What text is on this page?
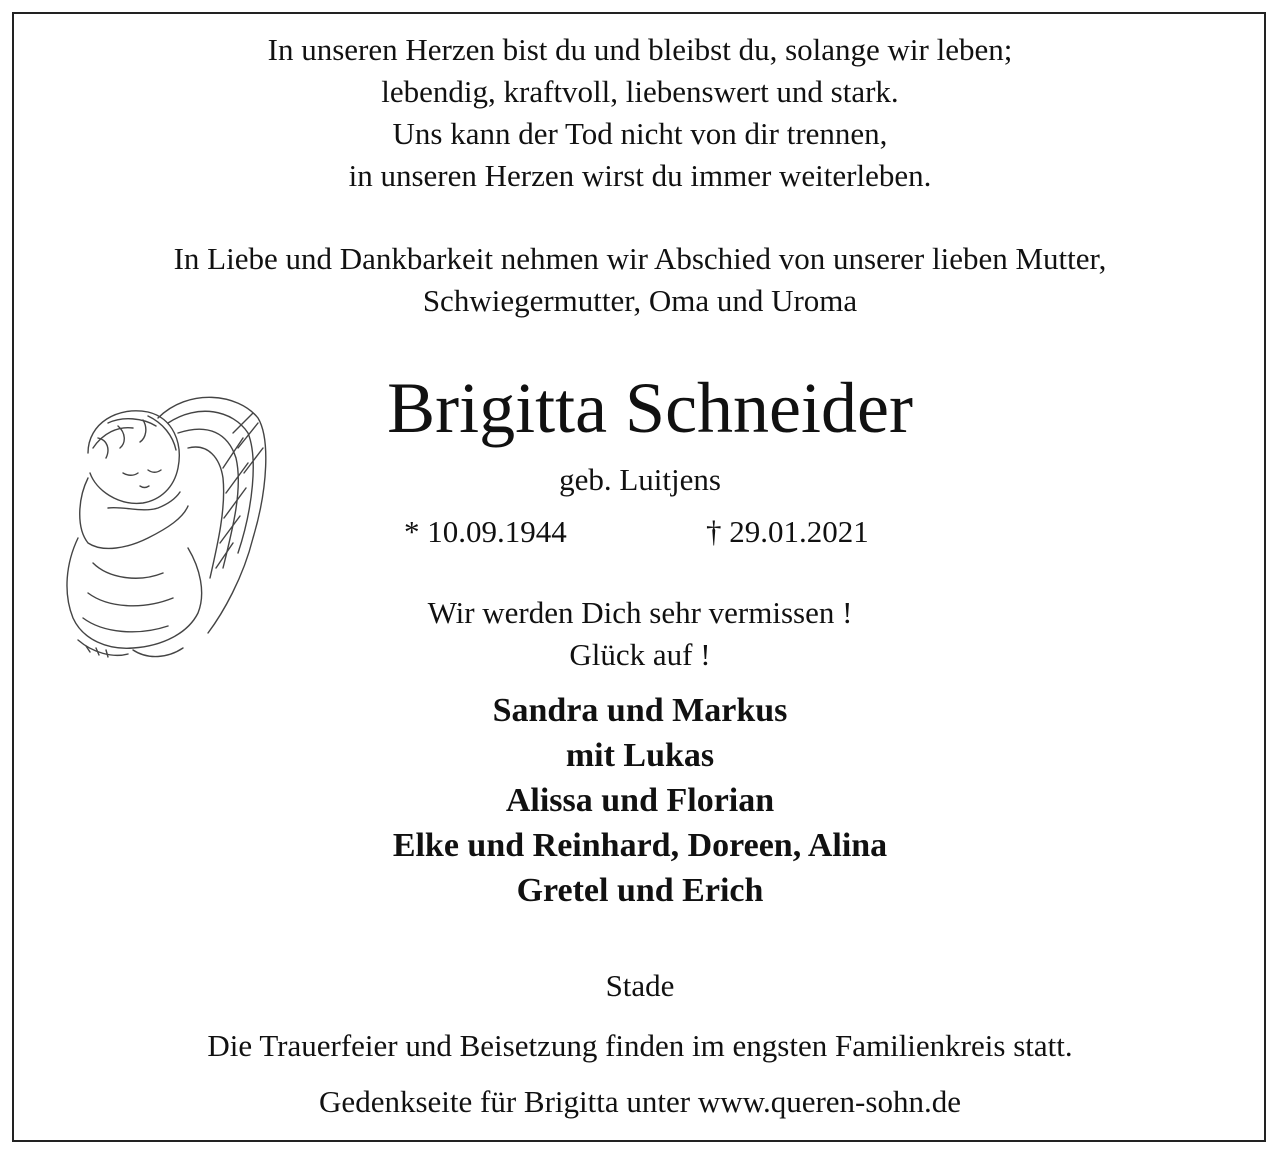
In unseren Herzen bist du und bleibst du, solange wir leben;
lebendig, kraftvoll, liebenswert und stark.
Uns kann der Tod nicht von dir trennen,
in unseren Herzen wirst du immer weiterleben.
In Liebe und Dankbarkeit nehmen wir Abschied von unserer lieben Mutter,
Schwiegermutter, Oma und Uroma
Brigitta Schneider
geb. Luitjens
* 10.09.1944	† 29.01.2021
Wir werden Dich sehr vermissen !
Glück auf !
Sandra und Markus
mit Lukas
Alissa und Florian
Elke und Reinhard, Doreen, Alina
Gretel und Erich
Stade
Die Trauerfeier und Beisetzung finden im engsten Familienkreis statt.
Gedenkseite für Brigitta unter www.queren-sohn.de
